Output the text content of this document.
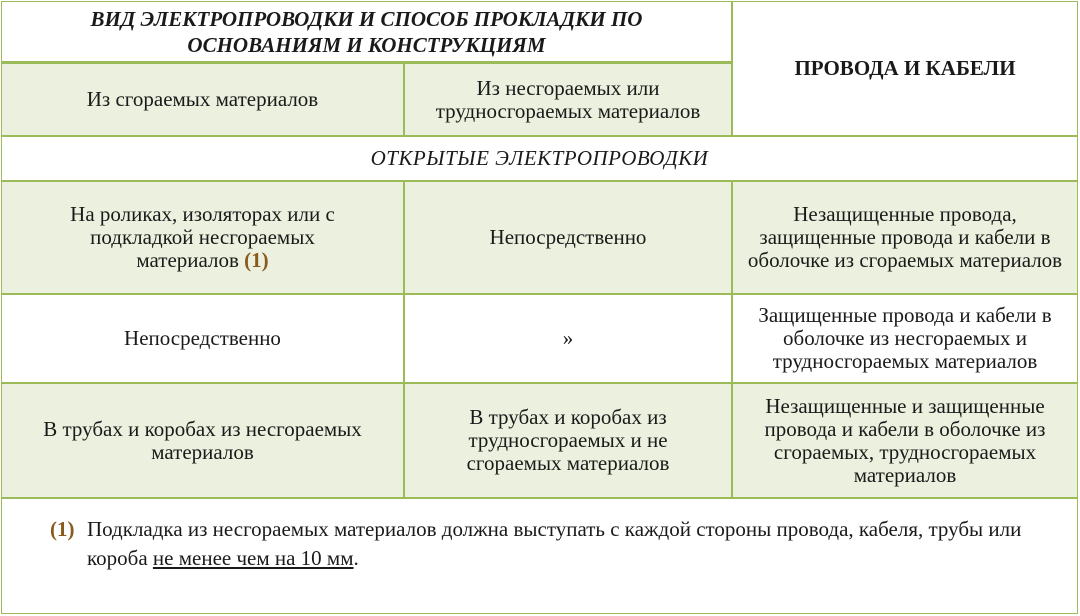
ВИД ЭЛЕКТРОПРОВОДКИ И СПОСОБ ПРОКЛАДКИ ПО ОСНОВАНИЯМ И КОНСТРУКЦИЯМ
ПРОВОДА И КАБЕЛИ
Из сгораемых материалов	Из несгораемых или трудносгораемых материалов
ОТКРЫТЫЕ ЭЛЕКТРОПРОВОДКИ
На роликах, изоляторах или с подкладкой несгораемых материалов (1)
Непосредственно
Незащищенные провода, защищенные провода и кабели в оболочке из сгораемых материалов
Непосредственно	»
Защищенные провода и кабели в оболочке из несгораемых и трудносгораемых материалов
В трубах и коробах из несгораемых материалов
В трубах и коробах из трудносгораемых и не сгораемых материалов
Незащищенные и защищенные провода и кабели в оболочке из сгораемых, трудносгораемых материалов
(1) Подкладка из несгораемых материалов должна выступать с каждой стороны провода, кабеля, трубы или короба не менее чем на 10 мм.
